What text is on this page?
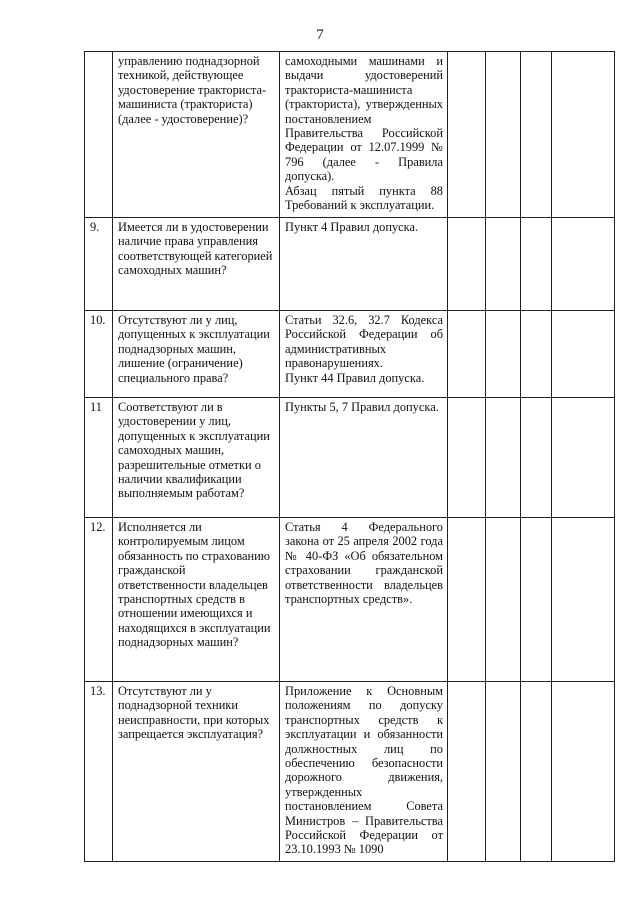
7
	управлению поднадзорной техникой, действующее удостоверение тракториста-машиниста (тракториста) (далее - удостоверение)?	самоходными машинами и выдачи удостоверений тракториста-машиниста (тракториста), утвержденных постановлением Правительства Российской Федерации от 12.07.1999 № 796 (далее - Правила допуска).
Абзац пятый пункта 88 Требований к эксплуатации.				

9.	Имеется ли в удостоверении наличие права управления соответствующей категорией самоходных машин?	Пункт 4 Правил допуска.				

10.	Отсутствуют ли у лиц, допущенных к эксплуатации поднадзорных машин, лишение (ограничение) специального права?	Статьи 32.6, 32.7 Кодекса Российской Федерации об административных правонарушениях.
Пункт 44 Правил допуска.				

11	Соответствуют ли в удостоверении у лиц, допущенных к эксплуатации самоходных машин, разрешительные отметки о наличии квалификации выполняемым работам?	Пункты 5, 7 Правил допуска.				

12.	Исполняется ли контролируемым лицом обязанность по страхованию гражданской ответственности владельцев транспортных средств в отношении имеющихся и находящихся в эксплуатации поднадзорных машин?	Статья 4 Федерального закона от 25 апреля 2002 года № 40-ФЗ «Об обязательном страховании гражданской ответственности владельцев транспортных средств».				

13.	Отсутствуют ли у поднадзорной техники неисправности, при которых запрещается эксплуатация?	Приложение к Основным положениям по допуску транспортных средств к эксплуатации и обязанности должностных лиц по обеспечению безопасности дорожного движения, утвержденных постановлением Совета Министров – Правительства Российской Федерации от 23.10.1993 № 1090				
